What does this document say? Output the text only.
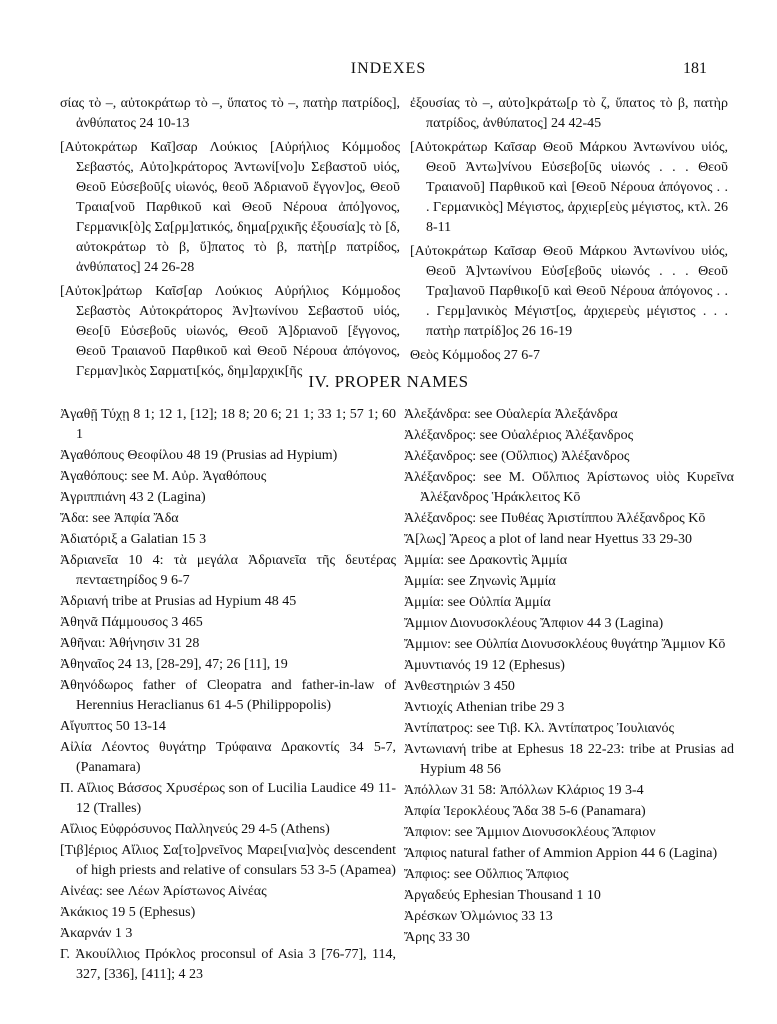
INDEXES	181

σίας τὸ –, αὐτοκράτωρ τὸ –, ὕπατος τὸ –, πατὴρ πατρίδος], ἀνθύπατος 24 10-13

[Αὐτοκράτωρ Καῖ]σαρ Λούκιος [Αὐρήλιος Κόμμοδος Σεβαστός, Αὐτο]κράτορος Ἀντωνί[νο]υ Σεβαστοῦ υἱός, Θεοῦ Εὐσεβοῦ[ς υἱωνός, θεοῦ Ἁδριανοῦ ἔγγον]ος, Θεοῦ Τραια[νοῦ Παρθικοῦ καὶ Θεοῦ Νέρουα ἀπό]γονος, Γερμανικ[ὸ]ς Σα[ρμ]ατικός, δημα[ρχικῆς ἐξουσία]ς τὸ [δ, αὐτοκράτωρ τὸ β, ὕ]πατος τὸ β, πατὴ[ρ πατρίδος, ἀνθύπατος] 24 26-28

[Αὐτοκ]ράτωρ Καῖσ[αρ Λούκιος Αὐρήλιος Κόμμοδος Σεβαστὸς Αὐτοκράτορος Ἀν]τωνίνου Σεβαστοῦ υἱός, Θεο[ῦ Εὐσεβοῦς υἱωνός, Θεοῦ Ἁ]δριανοῦ [ἔγγονος, Θεοῦ Τραιανοῦ Παρθικοῦ καὶ Θεοῦ Νέρουα ἀπόγονος, Γερμαν]ικὸς Σαρματι[κός, δημ]αρχικ[ῆς

ἐξουσίας τὸ –, αὐτο]κράτω[ρ τὸ ζ, ὕπατος τὸ β, πατὴρ πατρίδος, ἀνθύπατος] 24 42-45

[Αὐτοκράτωρ Καῖσαρ Θεοῦ Μάρκου Ἀντωνίνου υἱός, Θεοῦ Ἀντω]νίνου Εὐσεβο[ῦς υἱωνός . . . Θεοῦ Τραιανοῦ] Παρθικοῦ καὶ [Θεοῦ Νέρουα ἀπόγονος . . . Γερμανικὸς] Μέγιστος, ἀρχιερ[εὺς μέγιστος, κτλ. 26 8-11

[Αὐτοκράτωρ Καῖσαρ Θεοῦ Μάρκου Ἀντωνίνου υἱός, Θεοῦ Ἀ]ντωνίνου Εὐσ[εβοῦς υἱωνός . . . Θεοῦ Τρα]ιανοῦ Παρθικο[ῦ καὶ Θεοῦ Νέρουα ἀπόγονος . . . Γερμ]ανικὸς Μέγιστ[ος, ἀρχιερεὺς μέγιστος . . . πατὴρ πατρίδ]ος 26 16-19

Θεὸς Κόμμοδος 27 6-7

IV. PROPER NAMES

Ἀγαθῇ Τύχῃ 8 1; 12 1, [12]; 18 8; 20 6; 21 1; 33 1; 57 1; 60 1

Ἀγαθόπους Θεοφίλου 48 19 (Prusias ad Hypium)

Ἀγαθόπους: see Μ. Αὐρ. Ἀγαθόπους

Ἀγριππιάνη 43 2 (Lagina)

Ἄδα: see Ἀπφία Ἄδα

Ἀδιατόριξ a Galatian 15 3

Ἀδριανεῖα 10 4: τὰ μεγάλα Ἀδριανεῖα τῆς δευτέρας πενταετηρίδος 9 6-7

Ἀδριανή tribe at Prusias ad Hypium 48 45

Ἀθηνᾶ Πάμμουσος 3 465

Ἀθῆναι: Ἀθήνησιν 31 28

Ἀθηναῖος 24 13, [28-29], 47; 26 [11], 19

Ἀθηνόδωρος father of Cleopatra and father-in-law of Herennius Heraclianus 61 4-5 (Philippopolis)

Αἴγυπτος 50 13-14

Αἰλία Λέοντος θυγάτηρ Τρύφαινα Δρακοντίς 34 5-7, (Panamara)

Π. Αἴλιος Βάσσος Χρυσέρως son of Lucilia Laudice 49 11-12 (Tralles)

Αἴλιος Εὐφρόσυνος Παλληνεύς 29 4-5 (Athens)

[Τιβ]έριος Αἴλιος Σα[το]ρνεῖνος Μαρει[νια]νὸς descendent of high priests and relative of consulars 53 3-5 (Apamea)

Αἰνέας: see Λέων Ἀρίστωνος Αἰνέας

Ἀκάκιος 19 5 (Ephesus)

Ἀκαρνάν 1 3

Γ. Ἀκουίλλιος Πρόκλος proconsul of Asia 3 [76-77], 114, 327, [336], [411]; 4 23

Ἀλεξάνδρα: see Οὐαλερία Ἀλεξάνδρα

Ἀλέξανδρος: see Οὐαλέριος Ἀλέξανδρος

Ἀλέξανδρος: see (Οὔλπιος) Ἀλέξανδρος

Ἀλέξανδρος: see Μ. Οὔλπιος Ἀρίστωνος υἱὸς Κυρεῖνα Ἀλέξανδρος Ἡράκλειτος Κō

Ἀλέξανδρος: see Πυθέας Ἀριστίππου Ἀλέξανδρος Κō

Ἄ[λως] Ἄρεος a plot of land near Hyettus 33 29-30

Ἀμμία: see Δρακοντὶς Ἀμμία

Ἀμμία: see Ζηνωνὶς Ἀμμία

Ἀμμία: see Οὐλπία Ἀμμία

Ἄμμιον Διονυσοκλέους Ἄπφιον 44 3 (Lagina)

Ἄμμιον: see Οὐλπία Διονυσοκλέους θυγάτηρ Ἄμμιον Κō

Ἀμυντιανός 19 12 (Ephesus)

Ἀνθεστηριών 3 450

Ἀντιοχίς Athenian tribe 29 3

Ἀντίπατρος: see Τιβ. Κλ. Ἀντίπατρος Ἰουλιανός

Ἀντωνιανή tribe at Ephesus 18 22-23: tribe at Prusias ad Hypium 48 56

Ἀπόλλων 31 58: Ἀπόλλων Κλάριος 19 3-4

Ἀπφία Ἱεροκλέους Ἄδα 38 5-6 (Panamara)

Ἄπφιον: see Ἄμμιον Διονυσοκλέους Ἄπφιον

Ἄπφιος natural father of Ammion Appion 44 6 (Lagina)

Ἄπφιος: see Οὔλπιος Ἄπφιος

Ἀργαδεύς Ephesian Thousand 1 10

Ἀρέσκων Ὀλμώνιος 33 13

Ἄρης 33 30
